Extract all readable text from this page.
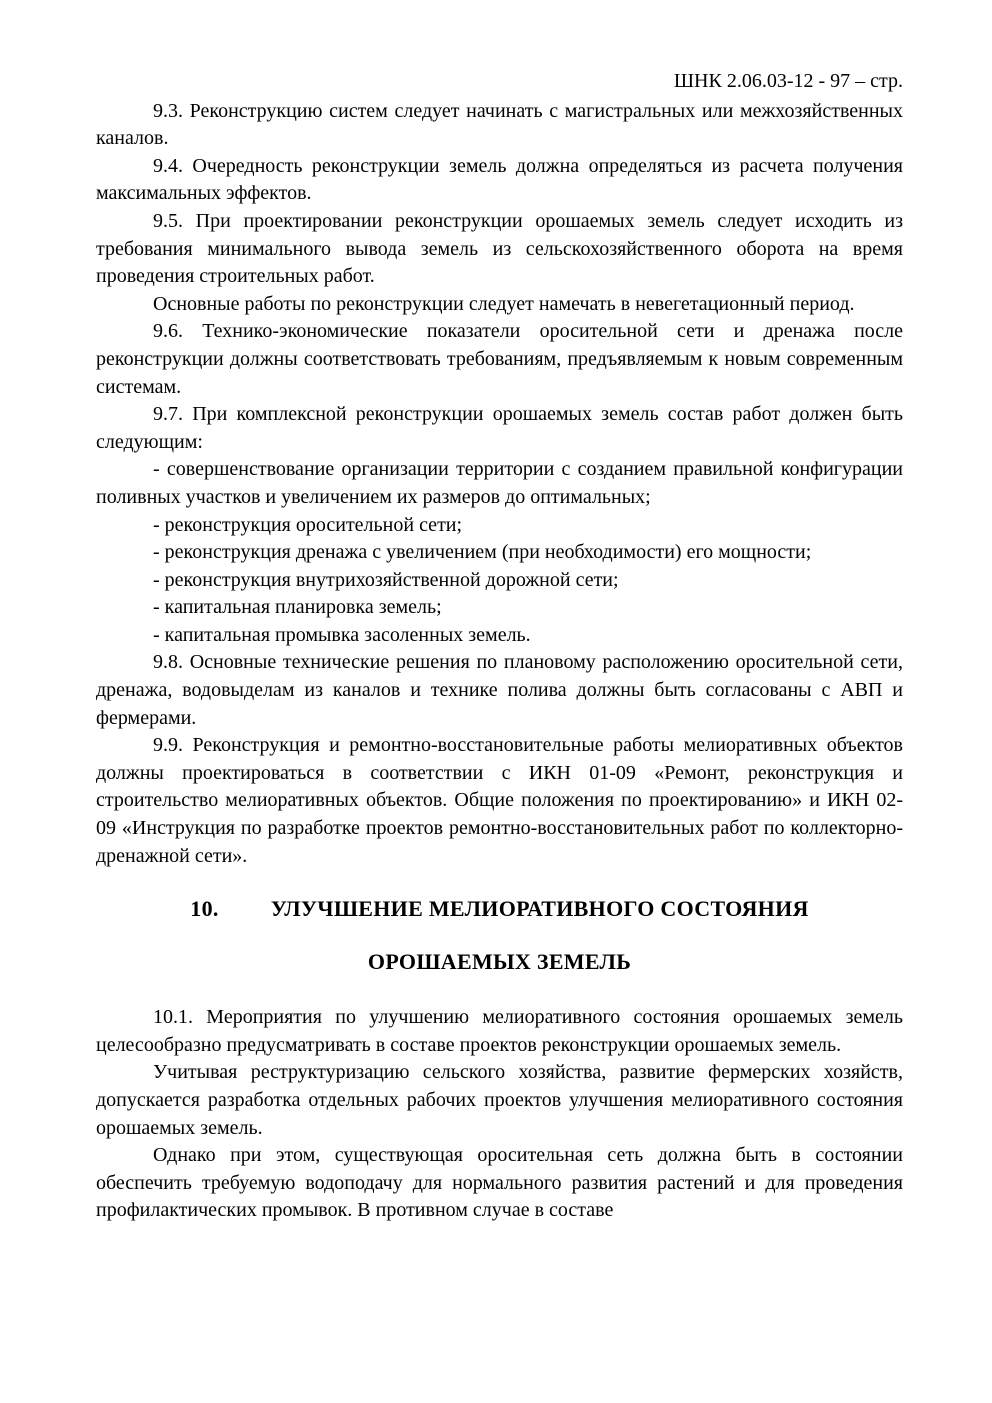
ШНК 2.06.03-12 - 97 – стр.

9.3. Реконструкцию систем следует начинать с магистральных или межхозяйственных каналов.

9.4. Очередность реконструкции земель должна определяться из расчета получения максимальных эффектов.

9.5. При проектировании реконструкции орошаемых земель следует исходить из требования минимального вывода земель из сельскохозяйственного оборота на время проведения строительных работ.

Основные работы по реконструкции следует намечать в невегетационный период.

9.6. Технико-экономические показатели оросительной сети и дренажа после реконструкции должны соответствовать требованиям, предъявляемым к новым современным системам.

9.7. При комплексной реконструкции орошаемых земель состав работ должен быть следующим:

- совершенствование организации территории с созданием правильной конфигурации поливных участков и увеличением их размеров до оптимальных;

- реконструкция оросительной сети;

- реконструкция дренажа с увеличением (при необходимости) его мощности;

- реконструкция внутрихозяйственной дорожной сети;

- капитальная планировка земель;

- капитальная промывка засоленных земель.

9.8. Основные технические решения по плановому расположению оросительной сети, дренажа, водовыделам из каналов и технике полива должны быть согласованы с АВП и фермерами.

9.9. Реконструкция и ремонтно-восстановительные работы мелиоративных объектов должны проектироваться в соответствии с ИКН 01-09 «Ремонт, реконструкция и строительство мелиоративных объектов. Общие положения по проектированию» и ИКН 02-09 «Инструкция по разработке проектов ремонтно-восстановительных работ по коллекторно-дренажной сети».

10. УЛУЧШЕНИЕ МЕЛИОРАТИВНОГО СОСТОЯНИЯ
ОРОШАЕМЫХ ЗЕМЕЛЬ

10.1. Мероприятия по улучшению мелиоративного состояния орошаемых земель целесообразно предусматривать в составе проектов реконструкции орошаемых земель.

Учитывая реструктуризацию сельского хозяйства, развитие фермерских хозяйств, допускается разработка отдельных рабочих проектов улучшения мелиоративного состояния орошаемых земель.

Однако при этом, существующая оросительная сеть должна быть в состоянии обеспечить требуемую водоподачу для нормального развития растений и для проведения профилактических промывок. В противном случае в составе
